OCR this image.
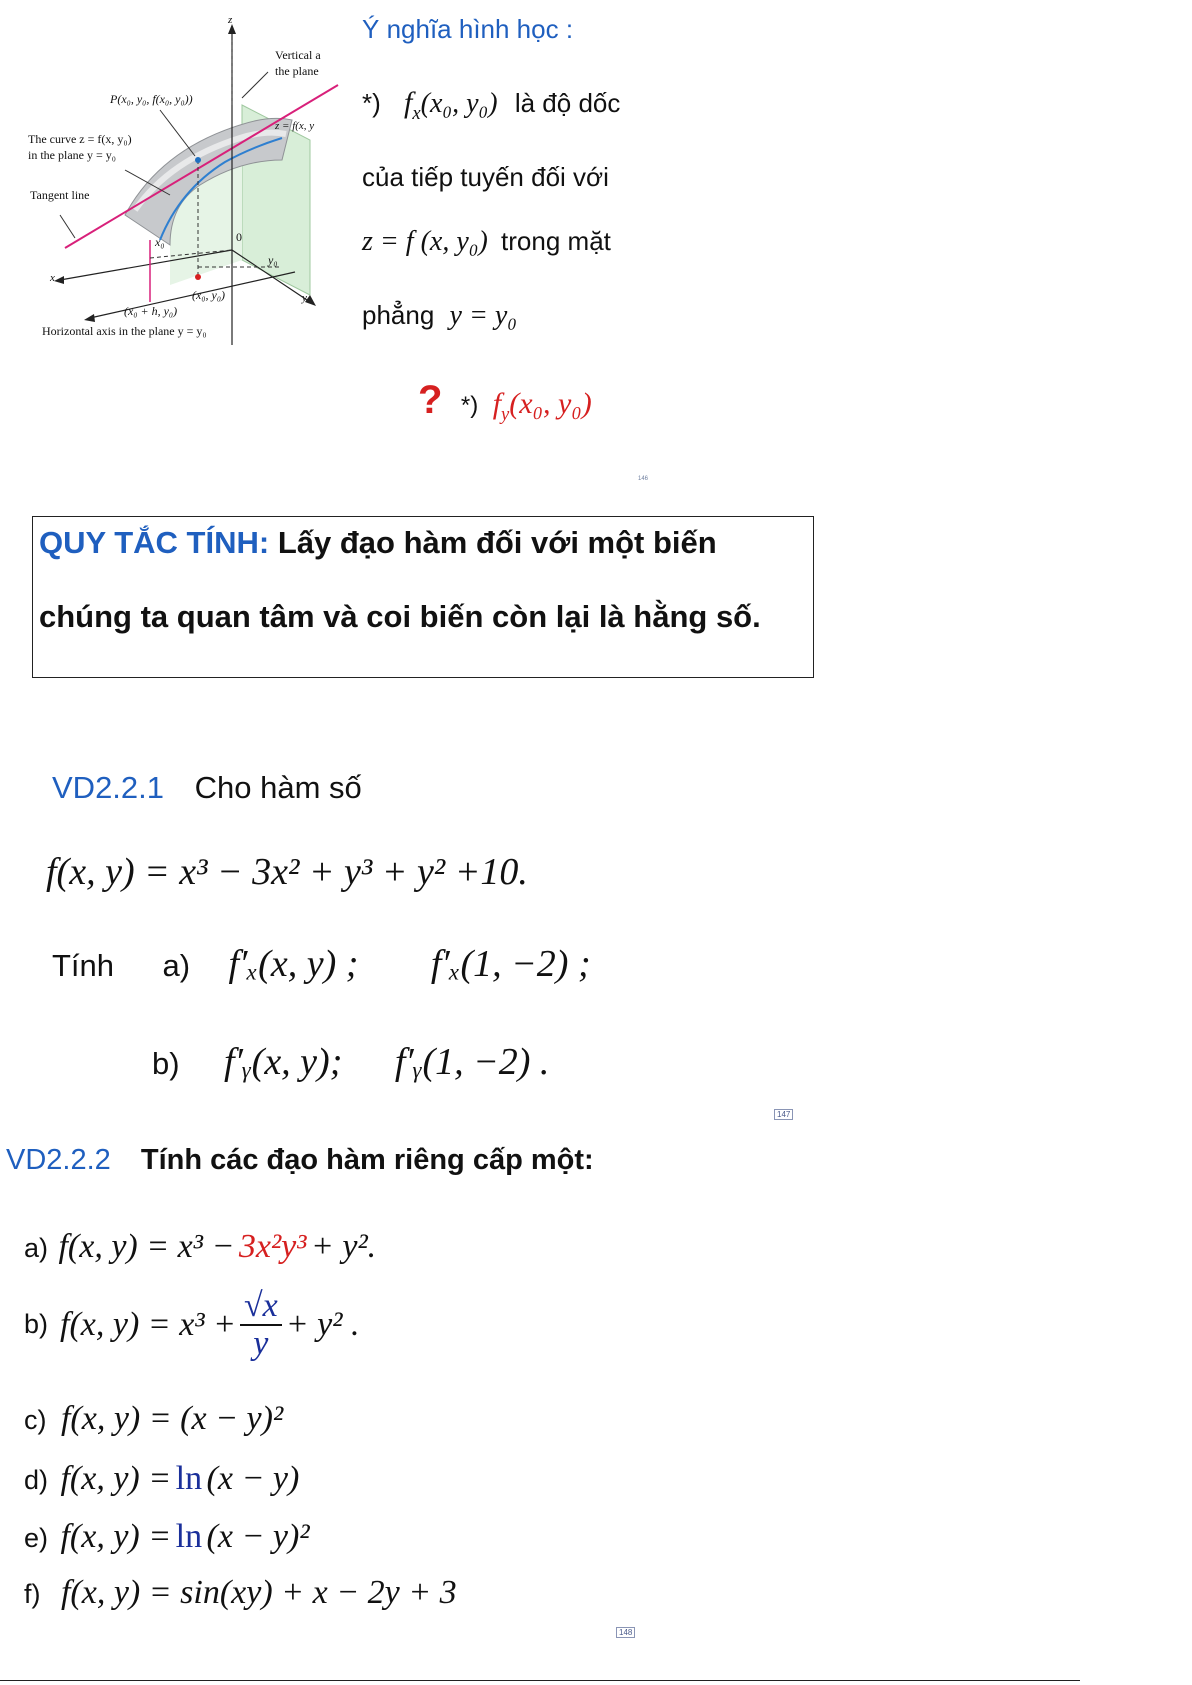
z
Vertical a
the plane
P(x₀, y₀, f(x₀, y₀))
z = f(x, y
The curve z = f(x, y₀)
in the plane y = y₀
Tangent line
x₀	0
y₀
x
y
(x₀, y₀)
(x₀ + h, y₀)
Horizontal axis in the plane y = y₀
Ý nghĩa hình học :
*) $f_x(x_0$, y₀) là độ dốc
của tiếp tuyến đối với
z = f (x, y₀) trong mặt
phẳng y = y₀
? *) $f_y(x_0$, y₀)
146
QUY TẮC TÍNH: Lấy đạo hàm đối với một biến
chúng ta quan tâm và coi biến còn lại là hằng số.
VD2.2.1 Cho hàm số
f(x, y) = x³ − 3x² + y³ + y² +10.
Tính a) f′ₓ(x, y) ; f′ₓ(1, −2) ;
b) f′ᵧ(x, y); f′ᵧ(1, −2) .
147
VD2.2.2 Tính các đạo hàm riêng cấp một:
a) f(x, y) = x³ − 3x²y³ + y².
b) f(x, $y) = x^3 + \frac{√x}{y} + y^2$ .
c) f(x, y) = (x − y)²
d) f(x, y) = ln (x − y)
e) f(x, y) = ln (x − y)²
f) f(x, y) = sin(xy) + x − 2y + 3
148
